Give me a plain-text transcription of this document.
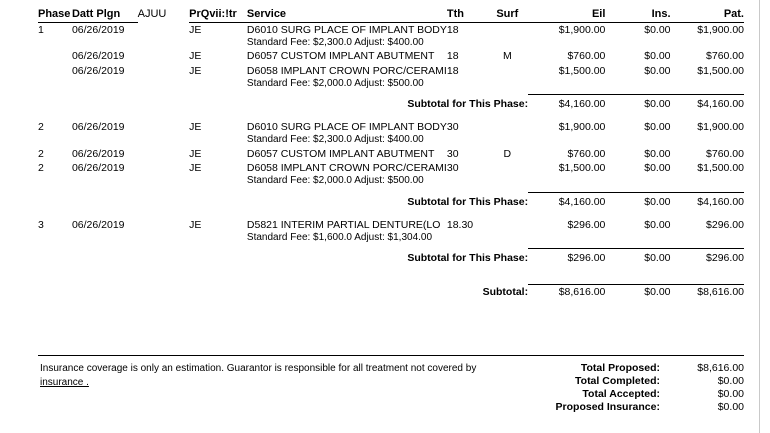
Phase	Datt Plgn	AJUU	PrQvii:!tr	Service	Tth	Surf	Eil	Ins.	Pat.
1	06/26/2019		JE	D6010 SURG PLACE OF IMPLANT BODY	18		$1,900.00	$0.00	$1,900.00
				Standard Fee: $2,300.0 Adjust: $400.00					
	06/26/2019		JE	D6057 CUSTOM IMPLANT ABUTMENT	18	M	$760.00	$0.00	$760.00
	06/26/2019		JE	D6058 IMPLANT CROWN PORC/CERAMI	18		$1,500.00	$0.00	$1,500.00
				Standard Fee: $2,000.0 Adjust: $500.00					

Subtotal for This Phase:							$4,160.00	$0.00	$4,160.00

2	06/26/2019		JE	D6010 SURG PLACE OF IMPLANT BODY	30		$1,900.00	$0.00	$1,900.00
				Standard Fee: $2,300.0 Adjust: $400.00					
2	06/26/2019		JE	D6057 CUSTOM IMPLANT ABUTMENT	30	D	$760.00	$0.00	$760.00
2	06/26/2019		JE	D6058 IMPLANT CROWN PORC/CERAMI	30		$1,500.00	$0.00	$1,500.00
				Standard Fee: $2,000.0 Adjust: $500.00					

Subtotal for This Phase:							$4,160.00	$0.00	$4,160.00

3	06/26/2019		JE	D5821 INTERIM PARTIAL DENTURE(LO	18.30		$296.00	$0.00	$296.00
				Standard Fee: $1,600.0 Adjust: $1,304.00					

Subtotal for This Phase:							$296.00	$0.00	$296.00

Subtotal:							$8,616.00	$0.00	$8,616.00
Insurance coverage is only an estimation. Guarantor is responsible for all treatment not covered by
insurance .
Total Proposed:	$8,616.00
Total Completed:	$0.00
Total Accepted:	$0.00
Proposed Insurance:	$0.00
